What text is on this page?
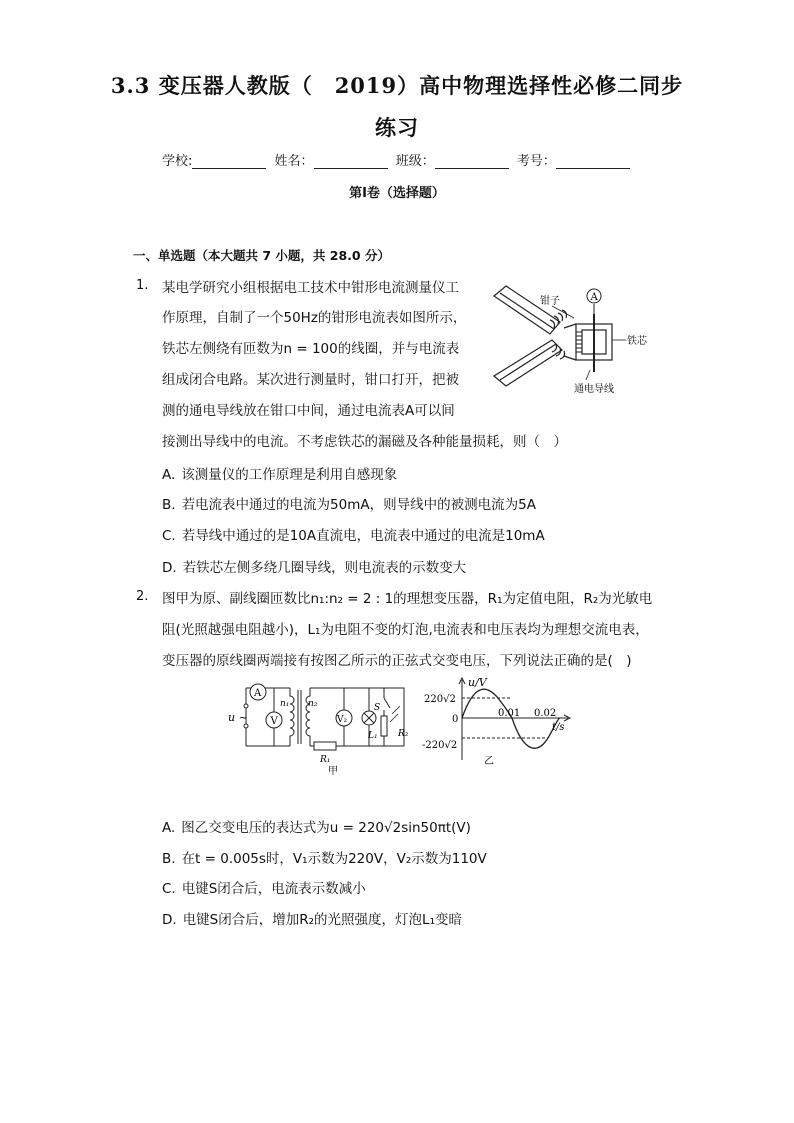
3.3 变压器人教版（　2019）高中物理选择性必修二同步
练习
学校:	姓名：	班级：	考号：
第I卷（选择题）
一、单选题（本大题共 7 小题，共 28.0 分）
1. 某电学研究小组根据电工技术中钳形电流测量仪工
作原理，自制了一个50Hz的钳形电流表如图所示，
铁芯左侧绕有匝数为n = 100的线圈，并与电流表
组成闭合电路。某次进行测量时，钳口打开，把被
测的通电导线放在钳口中间，通过电流表A可以间
接测出导线中的电流。不考虑铁芯的漏磁及各种能量损耗，则（　）
A
钳子
铁芯
通电导线
A. 该测量仪的工作原理是利用自感现象
B. 若电流表中通过的电流为50mA，则导线中的被测电流为5A
C. 若导线中通过的是10A直流电，电流表中通过的电流是10mA
D. 若铁芯左侧多绕几圈导线，则电流表的示数变大
2. 图甲为原、副线圈匝数比n₁:n₂ = 2 : 1的理想变压器，R₁为定值电阻，R₂为光敏电
阻(光照越强电阻越小)，L₁为电阻不变的灯泡,电流表和电压表均为理想交流电表，
变压器的原线圈两端接有按图乙所示的正弦式交变电压，下列说法正确的是(　)
A
V	V₂
u ~
n₁ n₂	S
L₁ R₂
R₁
甲
u/V
220√2
0
-220√2
0.01 0.02
t/s
乙
A. 图乙交变电压的表达式为u = 220√2sin50πt(V)
B. 在t = 0.005s时，V₁示数为220V，V₂示数为110V
C. 电键S闭合后，电流表示数减小
D. 电键S闭合后，增加R₂的光照强度，灯泡L₁变暗
